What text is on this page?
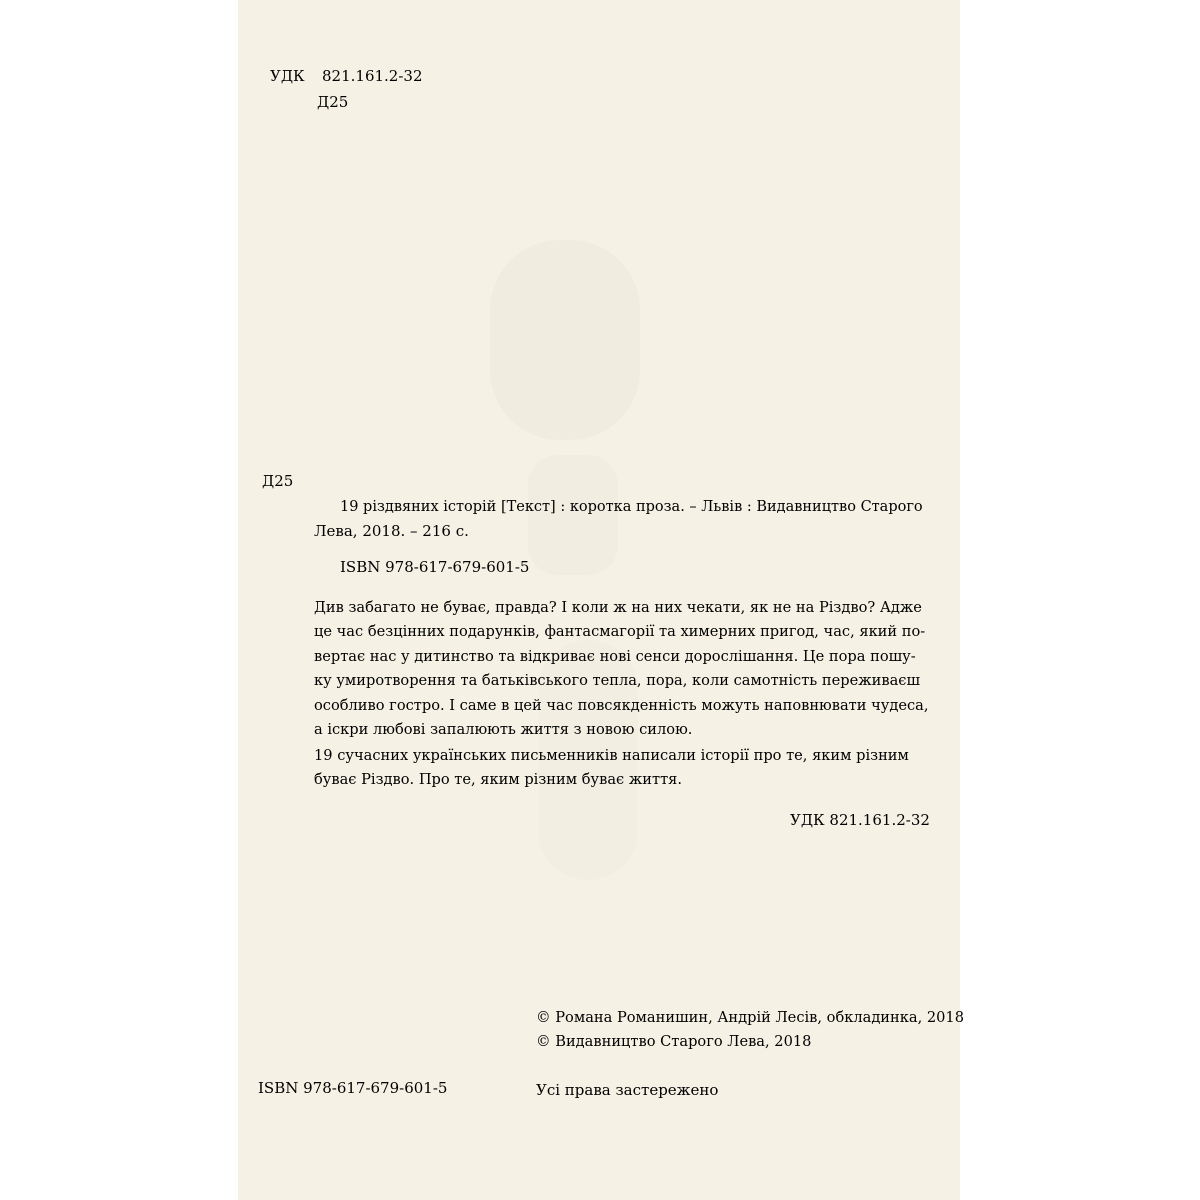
УДК 821.161.2-32
Д25
Д25
19 різдвяних історій [Текст] : коротка проза. – Львів : Видавництво Старого
Лева, 2018. – 216 с.
ISBN 978-617-679-601-5
Див забагато не буває, правда? І коли ж на них чекати, як не на Різдво? Адже
це час безцінних подарунків, фантасмагорії та химерних пригод, час, який по-
вертає нас у дитинство та відкриває нові сенси дорослішання. Це пора пошу-
ку умиротворення та батьківського тепла, пора, коли самотність переживаєш
особливо гостро. І саме в цей час повсякденність можуть наповнювати чудеса,
а іскри любові запалюють життя з новою силою.
19 сучасних українських письменників написали історії про те, яким різним
буває Різдво. Про те, яким різним буває життя.
УДК 821.161.2-32
© Романа Романишин, Андрій Лесів, обкладинка, 2018
© Видавництво Старого Лева, 2018
ISBN 978-617-679-601-5	Усі права застережено
